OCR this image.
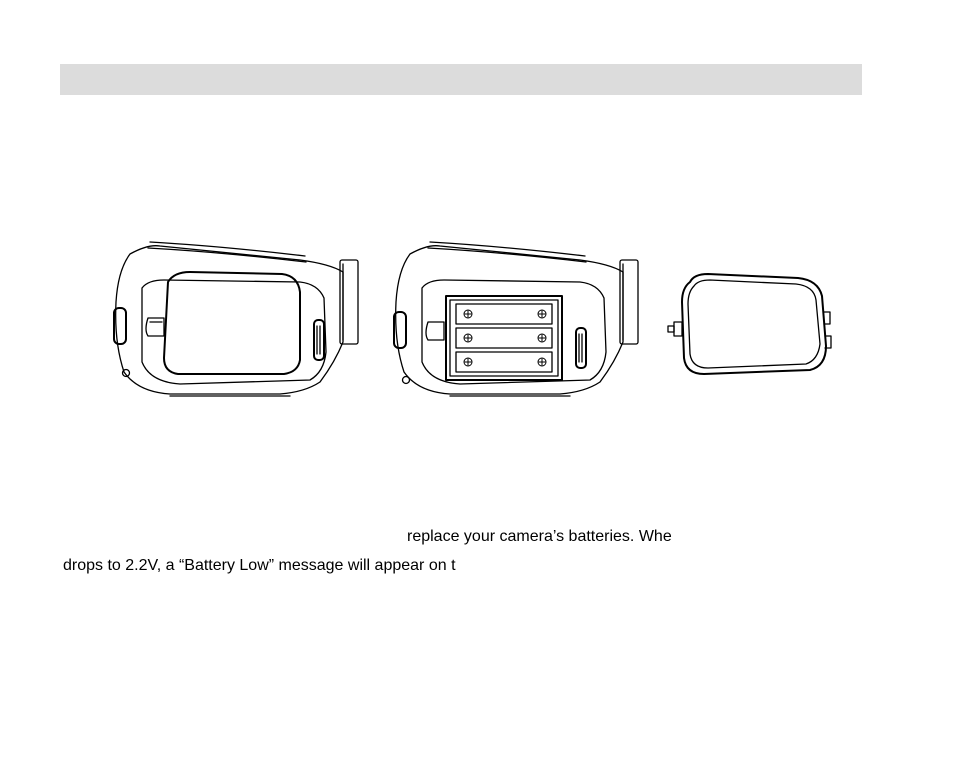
replace your camera’s batteries. Whe
drops to 2.2V, a “Battery Low” message will appear on t
